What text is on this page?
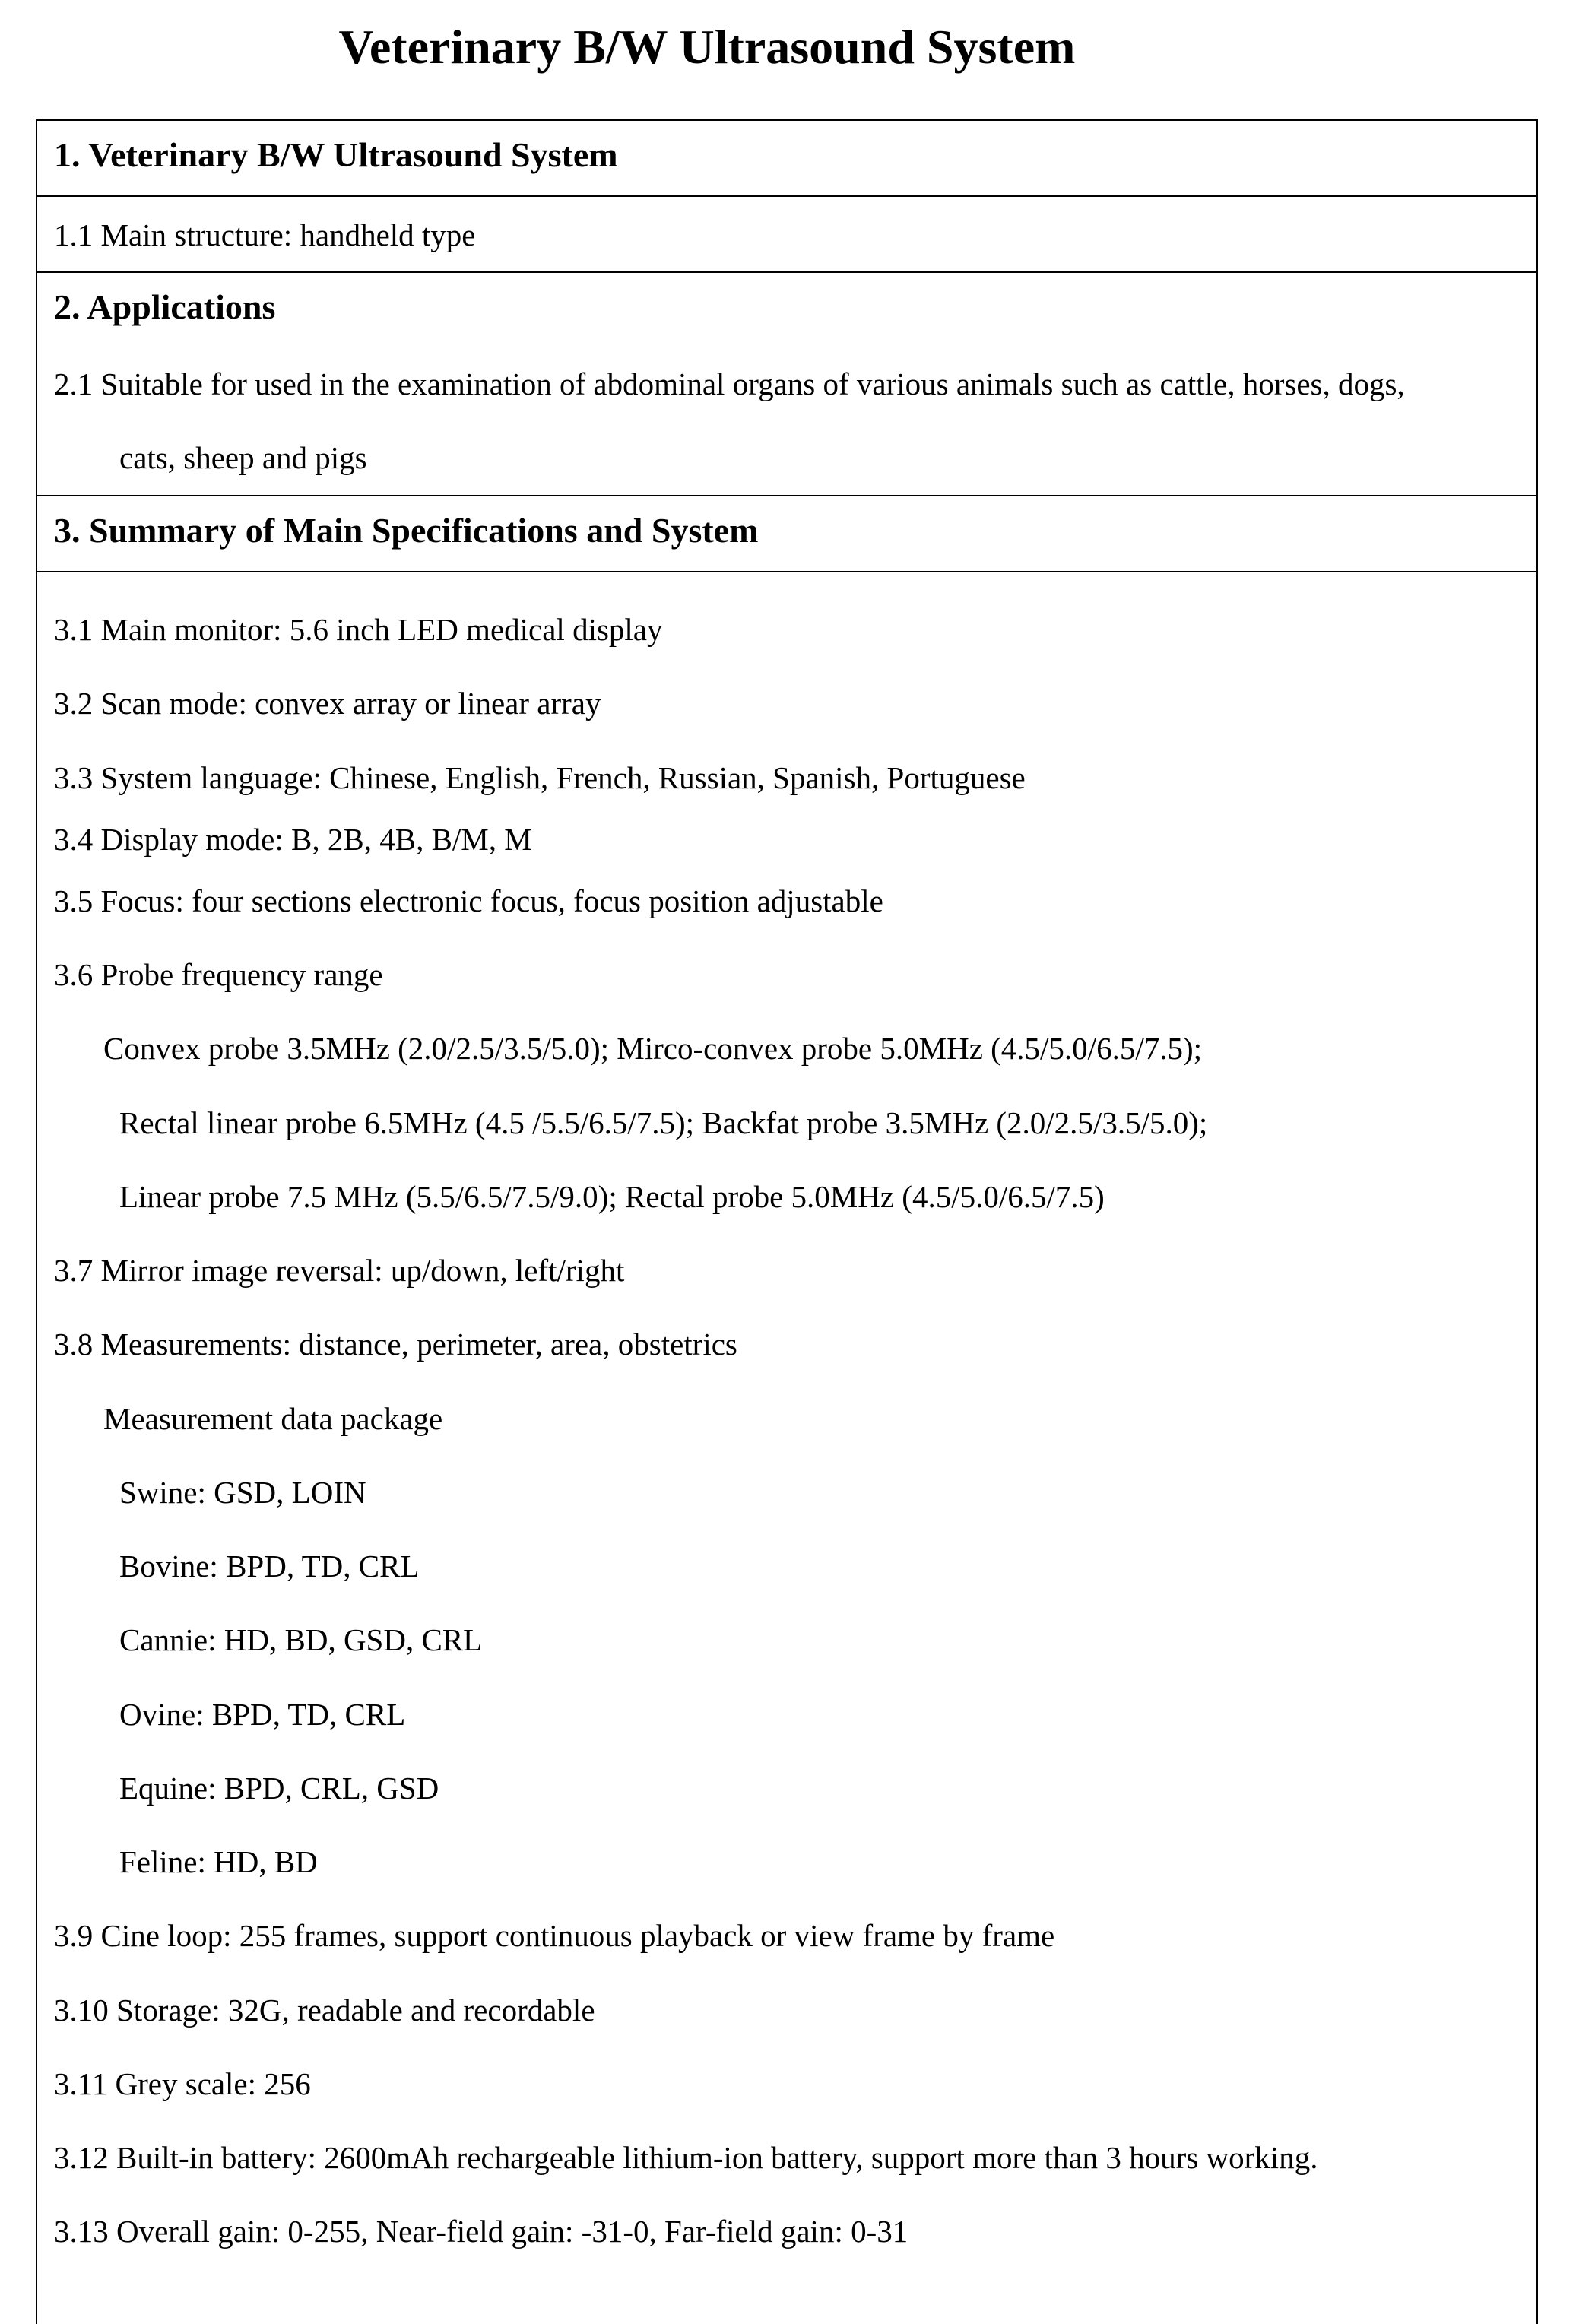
Veterinary B/W Ultrasound System
1. Veterinary B/W Ultrasound System
1.1 Main structure: handheld type
2. Applications
2.1 Suitable for used in the examination of abdominal organs of various animals such as cattle, horses, dogs,
cats, sheep and pigs
3. Summary of Main Specifications and System
3.1 Main monitor: 5.6 inch LED medical display
3.2 Scan mode: convex array or linear array
3.3 System language: Chinese, English, French, Russian, Spanish, Portuguese
3.4 Display mode: B, 2B, 4B, B/M, M
3.5 Focus: four sections electronic focus, focus position adjustable
3.6 Probe frequency range
Convex probe 3.5MHz (2.0/2.5/3.5/5.0); Mirco-convex probe 5.0MHz (4.5/5.0/6.5/7.5);
Rectal linear probe 6.5MHz (4.5 /5.5/6.5/7.5); Backfat probe 3.5MHz (2.0/2.5/3.5/5.0);
Linear probe 7.5 MHz (5.5/6.5/7.5/9.0); Rectal probe 5.0MHz (4.5/5.0/6.5/7.5)
3.7 Mirror image reversal: up/down, left/right
3.8 Measurements: distance, perimeter, area, obstetrics
Measurement data package
Swine: GSD, LOIN
Bovine: BPD, TD, CRL
Cannie: HD, BD, GSD, CRL
Ovine: BPD, TD, CRL
Equine: BPD, CRL, GSD
Feline: HD, BD
3.9 Cine loop: 255 frames, support continuous playback or view frame by frame
3.10 Storage: 32G, readable and recordable
3.11 Grey scale: 256
3.12 Built-in battery: 2600mAh rechargeable lithium-ion battery, support more than 3 hours working.
3.13 Overall gain: 0-255, Near-field gain: -31-0, Far-field gain: 0-31
